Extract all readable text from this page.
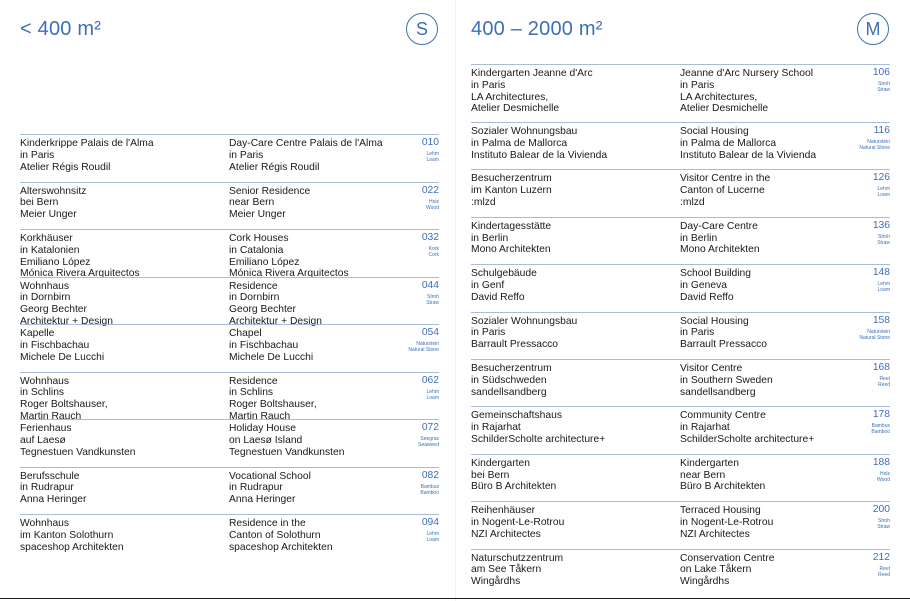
< 400 m²	S
Kinderkrippe Palais de l'Alma
in Paris
Atelier Régis Roudil
Day-Care Centre Palais de l'Alma
in Paris
Atelier Régis Roudil
010
Lehm
Loam
Alterswohnsitz
bei Bern
Meier Unger
Senior Residence
near Bern
Meier Unger
022
Holz
Wood
Korkhäuser
in Katalonien
Emiliano López
Mónica Rivera Arquitectos
Cork Houses
in Catalonia
Emiliano López
Mónica Rivera Arquitectos
032
Kork
Cork
Wohnhaus
in Dornbirn
Georg Bechter
Architektur + Design
Residence
in Dornbirn
Georg Bechter
Architektur + Design
044
Stroh
Straw
Kapelle
in Fischbachau
Michele De Lucchi
Chapel
in Fischbachau
Michele De Lucchi
054
Naturstein
Natural Stone
Wohnhaus
in Schlins
Roger Boltshauser,
Martin Rauch
Residence
in Schlins
Roger Boltshauser,
Martin Rauch
062
Lehm
Loam
Ferienhaus
auf Laesø
Tegnestuen Vandkunsten
Holiday House
on Laesø Island
Tegnestuen Vandkunsten
072
Seegras
Seaweed
Berufsschule
in Rudrapur
Anna Heringer
Vocational School
in Rudrapur
Anna Heringer
082
Bambus
Bamboo
Wohnhaus
im Kanton Solothurn
spaceshop Architekten
Residence in the
Canton of Solothurn
spaceshop Architekten
094
Lehm
Loam
400 – 2000 m²	M
Kindergarten Jeanne d'Arc
in Paris
LA Architectures,
Atelier Desmichelle
Jeanne d'Arc Nursery School
in Paris
LA Architectures,
Atelier Desmichelle
106
Stroh
Straw
Sozialer Wohnungsbau
in Palma de Mallorca
Instituto Balear de la Vivienda
Social Housing
in Palma de Mallorca
Instituto Balear de la Vivienda
116
Naturstein
Natural Stone
Besucherzentrum
im Kanton Luzern
:mlzd
Visitor Centre in the
Canton of Lucerne
:mlzd
126
Lehm
Loam
Kindertagesstätte
in Berlin
Mono Architekten
Day-Care Centre
in Berlin
Mono Architekten
136
Stroh
Straw
Schulgebäude
in Genf
David Reffo
School Building
in Geneva
David Reffo
148
Lehm
Loam
Sozialer Wohnungsbau
in Paris
Barrault Pressacco
Social Housing
in Paris
Barrault Pressacco
158
Naturstein
Natural Stone
Besucherzentrum
in Südschweden
sandellsandberg
Visitor Centre
in Southern Sweden
sandellsandberg
168
Reet
Reed
Gemeinschaftshaus
in Rajarhat
SchilderScholte architecture+
Community Centre
in Rajarhat
SchilderScholte architecture+
178
Bambus
Bamboo
Kindergarten
bei Bern
Büro B Architekten
Kindergarten
near Bern
Büro B Architekten
188
Holz
Wood
Reihenhäuser
in Nogent-Le-Rotrou
NZI Architectes
Terraced Housing
in Nogent-Le-Rotrou
NZI Architectes
200
Stroh
Straw
Naturschutzzentrum
am See Tåkern
Wingårdhs
Conservation Centre
on Lake Tåkern
Wingårdhs
212
Reet
Reed
